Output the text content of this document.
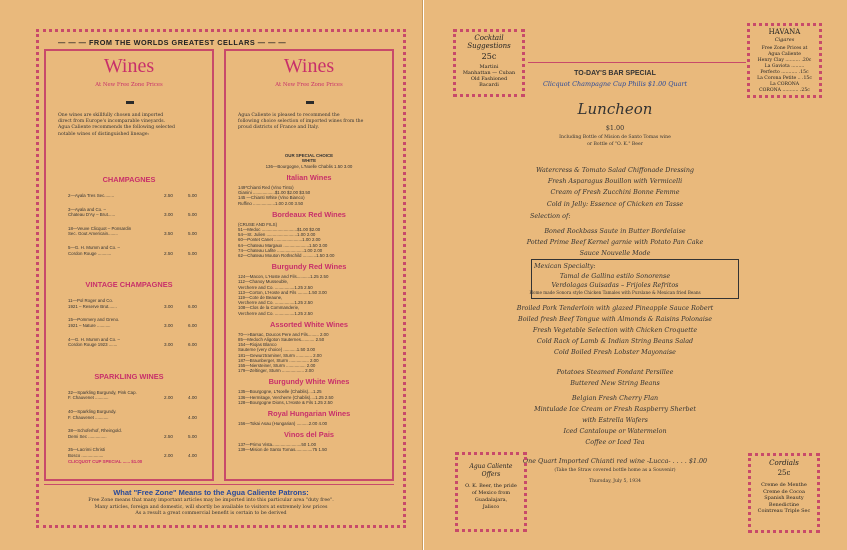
— — — FROM THE WORLDS GREATEST CELLARS — — —
Wines
At New Free Zone Prices
One wines are skillfully chosen and imported
direct from Europe's incomparable vineyards.
Agua Caliente recommends the following selected
notable wines of distinguished lineage:
CHAMPAGNES
2—Ayala Tres Sec........	2.50	5.00
3—Ayala and Co. –
Chateau D'Ay – Brut......	3.00	5.00
18—Veuve Clicquot – Ponsardin
Sec. Gout Americain........	3.50	5.00
5—G. H. Mumm and Co. –
Cordon Rouge ...........	2.50	5.00
VINTAGE CHAMPAGNES
11—Pol Roger and Co.
1921 – Reserve Brut.......	3.00	6.00
15—Pommery and Greno.
1921 – Nature ...........	3.00	6.00
4—G. H. Mumm and Co. –
Cordon Rouge 1923 .......	3.00	6.00
SPARKLING WINES
32—Sparkling Burgundy, Pink Cap.
F. Chauvenet ...........	2.00	4.00
40—Sparkling Burgundy.
F. Chauvenet ...........	4.00
38—Schoferhof, Rheingold.
Demi Sec ...............	2.50	5.00
35—Lacrimi Christi
Bosco ..................	2.00	4.00
CLICQUOT CUP SPECIAL ...... $1.00
Wines
At New Free Zone Prices
Agua Caliente is pleased to recommend the
following choice selection of imported wines from the
proud districts of France and Italy.
OUR SPECIAL CHOICE
WHITE
136—Bourgogne, L'Noelle Chablis 1.50 3.00
Italian Wines
149*Chianti Red (Vino Tinto)
Gianini ..................$1.00 $2.00 $3.50
145 —Chianti White (Vino Bianco)
Ruffino ..................1.00 2.00 3.50
Bordeaux Red Wines
(CRUSE AND FILS)
51—Medoc .............................$1.00 $2.00
54—St. Julien .........................1.00 2.00
60—Pontet Canet .......................1.00 2.00
64—Chateau Margaux .....................1.50 3.00
74—Chateau Lafite ......................1.00 2.00
62—Chateau Mouton Rothschild ...........1.50 3.00
Burgundy Red Wines
124—Macon, L'Hoste and Fils...........1.25 2.50
112—Chanoy Musseuble,
Vercherre and Co. ................1.25 2.50
113—Corton, L'Hoste and Fils .........1.50 3.00
119—Cote de Beaune,
Vercherre and Co. ................1.25 2.50
108—Clos de la Commanderie,
Vercherre and Co. ................1.25 2.50
Assorted White Wines
70—»Barsac, Doucos Pere and Fils......... 2.00
85—Medoch Aligoton Sauternes........... 2.50
154—Riojas Blanco
Sauterne (very choice) ...........1.50 3.00
181—Gewurztraminer, Sturm ............. 2.00
187—Braunberger, Sturm ................ 2.00
155—Niersteiner, Sturm ................ 2.00
179—Zeltinger, Sturm .................. 2.00
Burgundy White Wines
135—Bourgogne, L'Noelle (Chablis)....1.25
136—Hermitage, Vercherre (Chablis)....1.25 2.50
128—Bourgogne Dions, L'Hoste & Fils 1.25 2.50
Royal Hungarian Wines
156—Tokai Asau (Hungarian) ..........2.00 4.00
Vinos del Pais
137—Primo Vista........................50 1.00
139—Mision de Santo Tomas..............75 1.50
What "Free Zone" Means to the Agua Caliente Patrons:
Free Zone means that many important articles may be imported into this particular area "duty free".
Many articles, foreign and domestic, will shortly be available to visitors at extremely low prices
As a result a great commercial benefit is certain to be derived
Cocktail
Suggestions
25c
Martini
Manhattan — Cuban
Old Fashioned
Bacardi
HAVANA
Cigares
Free Zone Prices at
Agua Caliente
Henry Clay .......... .20c
La Gaviota .........
Perfecto ........... .15c
La Corona Petite .. .15c
La CORONA
CORONA ........... .25c
TO-DAY'S BAR SPECIAL
Clicquot Champagne Cup Philis $1.00 Quart
Luncheon
$1.00
Including Bottle of Mision de Santo Tomas wine
or Bottle of "O. K." Beer
Watercress & Tomato Salad Chiffonade Dressing
Fresh Asparagus Bouillon with Vermicelli
Cream of Fresh Zucchini Bonne Femme
Cold in Jelly: Essence of Chicken en Tasse
Selection of:
Boned Rockbass Saute in Butter Bordelaise
Potted Prime Beef Kernel garnie with Potato Pan Cake
Sauce Nouvelle Mode
Mexican Specialty:
Tamal de Gallina estilo Sonorense
Verdolagas Guisadas – Frijoles Refritos
Home made Sonora style Chicken Tamales with Purslane & Mexican fried Beans
Broiled Pork Tenderloin with glazed Pineapple Sauce Robert
Boiled fresh Beef Tongue with Almonds & Raisins Polonaise
Fresh Vegetable Selection with Chicken Croquette
Cold Rack of Lamb & Indian String Beans Salad
Cold Boiled Fresh Lobster Mayonaise
Potatoes Steamed Fondant Persillee
Buttered New String Beans
Belgian Fresh Cherry Flan
Mintulade Ice Cream or Fresh Raspberry Sherbet
with Estrella Wafers
Iced Cantaloupe or Watermelon
Coffee or Iced Tea
One Quart Imported Chianti red wine -Lucca- . . . . $1.00
(Take the Straw covered bottle home as a Souvenir)
Thursday, July 5, 1934
Agua Caliente
Offers
O. K. Beer, the pride
of Mexico from
Guadalajara,
Jalisco
Cordials
25c
Creme de Menthe
Creme de Cocoa
Spanish Beauty
Benedictine
Cointreau Triple Sec
